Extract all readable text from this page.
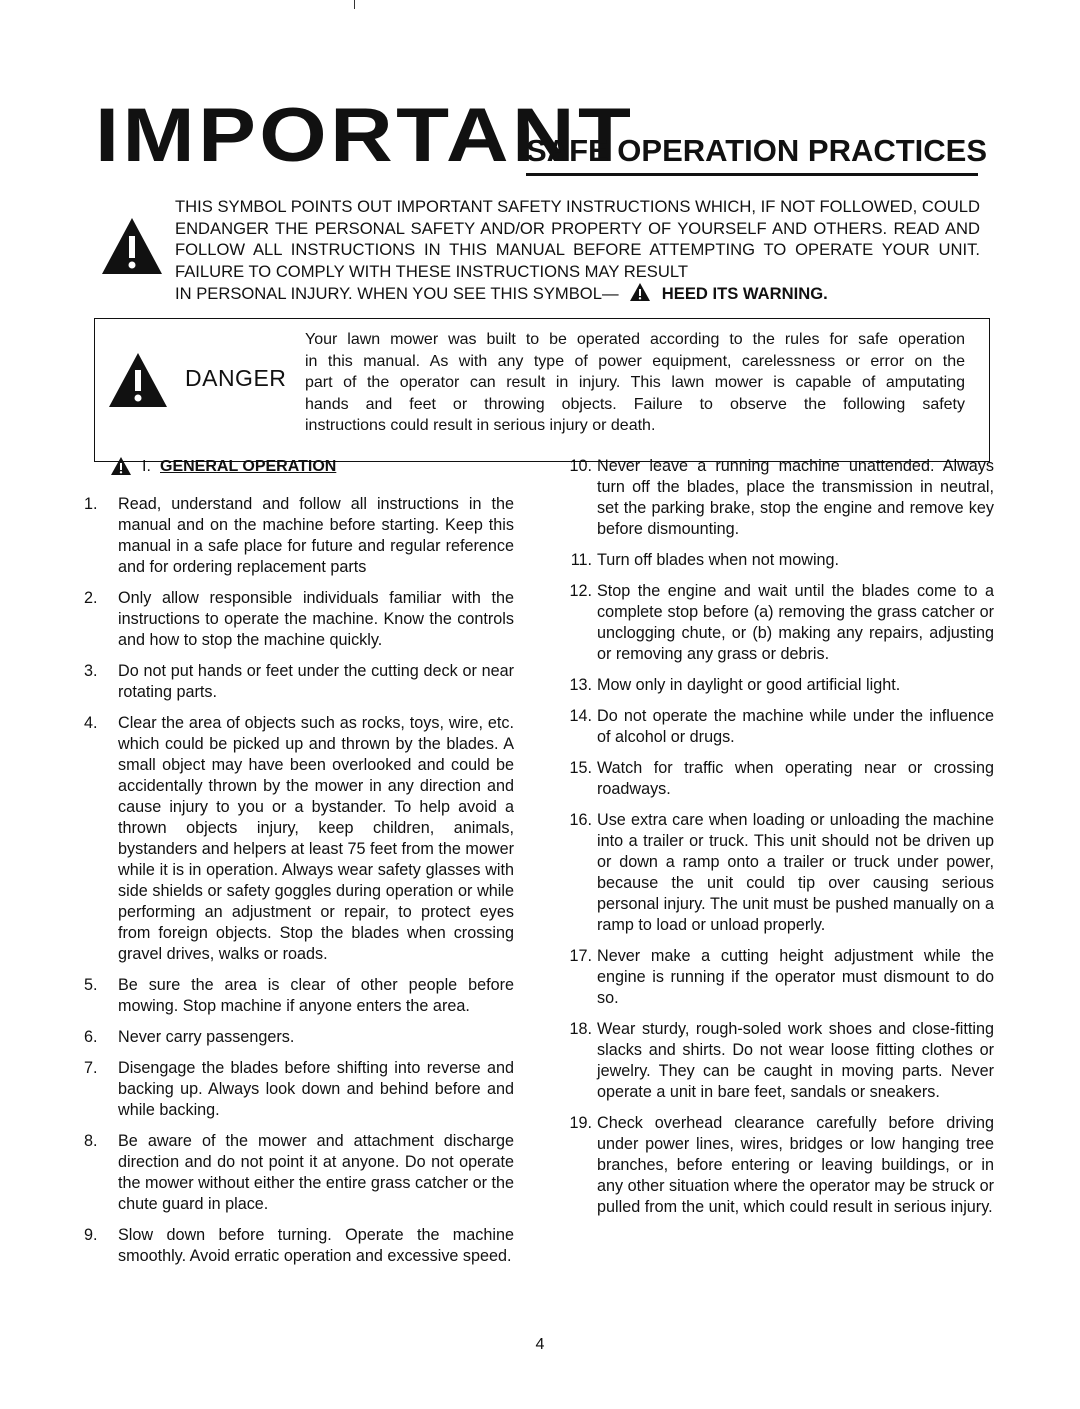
IMPORTANT
SAFE OPERATION PRACTICES
THIS SYMBOL POINTS OUT IMPORTANT SAFETY INSTRUCTIONS WHICH, IF NOT FOLLOWED, COULD ENDANGER THE PERSONAL SAFETY AND/OR PROPERTY OF YOURSELF AND OTHERS. READ AND FOLLOW ALL INSTRUCTIONS IN THIS MANUAL BEFORE ATTEMPTING TO OPERATE YOUR UNIT. FAILURE TO COMPLY WITH THESE INSTRUCTIONS MAY RESULT
IN PERSONAL INJURY. WHEN YOU SEE THIS SYMBOL—	HEED ITS WARNING.
DANGER
Your lawn mower was built to be operated according to the rules for safe operation
in this manual. As with any type of power equipment, carelessness or error on the
part of the operator can result in injury. This lawn mower is capable of amputating
hands and feet or throwing objects. Failure to observe the following safety
instructions could result in serious injury or death.
I. GENERAL OPERATION
1. Read, understand and follow all instructions in the manual and on the machine before starting. Keep this manual in a safe place for future and regular reference and for ordering replacement parts
2. Only allow responsible individuals familiar with the instructions to operate the machine. Know the controls and how to stop the machine quickly.
3. Do not put hands or feet under the cutting deck or near rotating parts.
4. Clear the area of objects such as rocks, toys, wire, etc. which could be picked up and thrown by the blades. A small object may have been overlooked and could be accidentally thrown by the mower in any direction and cause injury to you or a bystander. To help avoid a thrown objects injury, keep children, animals, bystanders and helpers at least 75 feet from the mower while it is in operation. Always wear safety glasses with side shields or safety goggles during operation or while performing an adjustment or repair, to protect eyes from foreign objects. Stop the blades when crossing gravel drives, walks or roads.
5. Be sure the area is clear of other people before mowing. Stop machine if anyone enters the area.
6. Never carry passengers.
7. Disengage the blades before shifting into reverse and backing up. Always look down and behind before and while backing.
8. Be aware of the mower and attachment discharge direction and do not point it at anyone. Do not operate the mower without either the entire grass catcher or the chute guard in place.
9. Slow down before turning. Operate the machine smoothly. Avoid erratic operation and excessive speed.
10. Never leave a running machine unattended. Always turn off the blades, place the transmission in neutral, set the parking brake, stop the engine and remove key before dismounting.
11. Turn off blades when not mowing.
12. Stop the engine and wait until the blades come to a complete stop before (a) removing the grass catcher or unclogging chute, or (b) making any repairs, adjusting or removing any grass or debris.
13. Mow only in daylight or good artificial light.
14. Do not operate the machine while under the influence of alcohol or drugs.
15. Watch for traffic when operating near or crossing roadways.
16. Use extra care when loading or unloading the machine into a trailer or truck. This unit should not be driven up or down a ramp onto a trailer or truck under power, because the unit could tip over causing serious personal injury. The unit must be pushed manually on a ramp to load or unload properly.
17. Never make a cutting height adjustment while the engine is running if the operator must dismount to do so.
18. Wear sturdy, rough-soled work shoes and close-fitting slacks and shirts. Do not wear loose fitting clothes or jewelry. They can be caught in moving parts. Never operate a unit in bare feet, sandals or sneakers.
19. Check overhead clearance carefully before driving under power lines, wires, bridges or low hanging tree branches, before entering or leaving buildings, or in any other situation where the operator may be struck or pulled from the unit, which could result in serious injury.
4
